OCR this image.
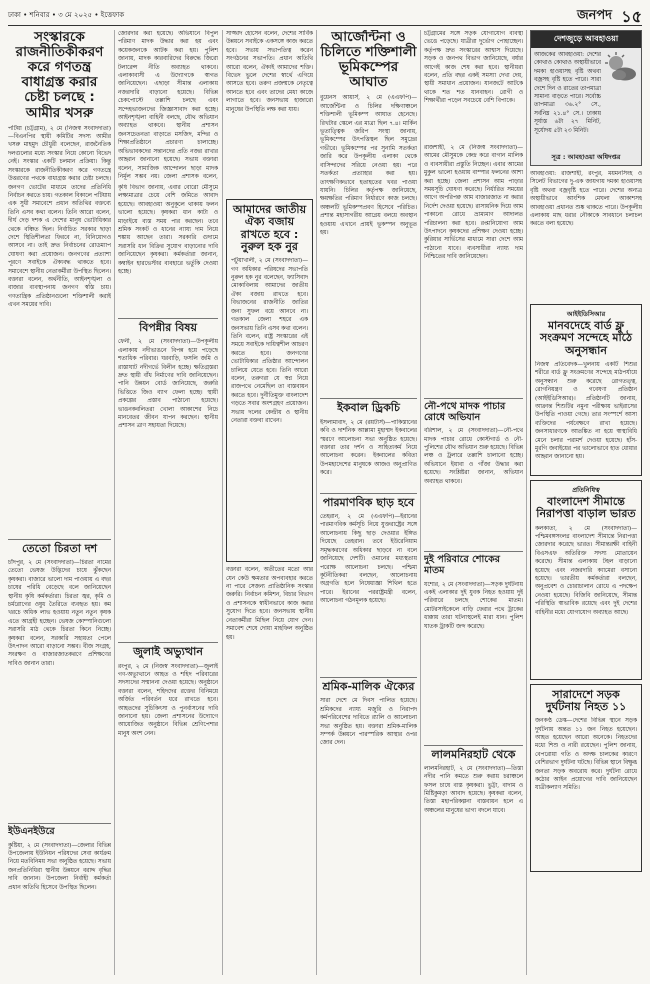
ঢাকা • শনিবার • ৩ মে ২০২৫ • ইত্তেফাক	জনপদ ১৫
সংস্কারকে রাজনীতিকীকরণ করে গণতন্ত্র বাধাগ্রস্ত করার চেষ্টা চলছে : আমীর খসরু
পটিয়া (চট্টগ্রাম), ২ মে (নিজস্ব সংবাদদাতা)—বিএনপির স্থায়ী কমিটির সদস্য আমীর খসরু মাহমুদ চৌধুরী বলেছেন, রাজনৈতিক দলগুলোর মধ্যে সংস্কার নিয়ে কোনো বিভেদ নেই। সংস্কার একটি চলমান প্রক্রিয়া। কিন্তু সংস্কারকে রাজনীতিকীকরণ করে গণতন্ত্রে উত্তরণের পথকে বাধাগ্রস্ত করার চেষ্টা চলছে। জনগণ ভোটের মাধ্যমে তাদের প্রতিনিধি নির্বাচন করতে চায়। গতকাল বিকালে পটিয়ায় এক সুধী সমাবেশে প্রধান অতিথির বক্তব্যে তিনি এসব কথা বলেন। তিনি আরো বলেন, দীর্ঘ দেড় দশক এ দেশের মানুষ ভোটাধিকার থেকে বঞ্চিত ছিল। নির্বাচিত সরকার ছাড়া দেশে স্থিতিশীলতা ফিরবে না, বিনিয়োগও আসবে না। তাই দ্রুত নির্বাচনের রোডম্যাপ ঘোষণা করা প্রয়োজন। জনগণের প্রত্যাশা পূরণে সবাইকে ঐক্যবদ্ধ থাকতে হবে। সমাবেশে স্থানীয় নেতাকর্মীরা উপস্থিত ছিলেন। বক্তারা বলেন, অর্থনীতি, আইনশৃঙ্খলা ও বাজার ব্যবস্থাপনায় জনগণ স্বস্তি চায়। গণতান্ত্রিক প্রতিষ্ঠানগুলো শক্তিশালী করাই এখন সময়ের দাবি।
তেতো চিরতা দশ
চাঁদপুর, ২ মে (সংবাদদাতা)—চিরতা নামের তেতো ভেষজ উদ্ভিদের চাষে ঝুঁকছেন কৃষকরা। বাজারে ভালো দাম পাওয়ায় এ বছর চাষের পরিধি বেড়েছে বলে জানিয়েছেন স্থানীয় কৃষি কর্মকর্তারা। চিরতা জ্বর, কৃমি ও চর্মরোগের ওষুধ তৈরিতে ব্যবহৃত হয়। কম খরচে অধিক লাভ হওয়ায় নতুন নতুন কৃষক এতে আগ্রহী হচ্ছেন। ভেষজ কোম্পানিগুলো সরাসরি মাঠ থেকে চিরতা কিনে নিচ্ছে। কৃষকরা বলেন, সরকারি সহায়তা পেলে উৎপাদন আরো বাড়ানো সম্ভব। বীজ সংগ্রহ, সংরক্ষণ ও বাজারজাতকরণে প্রশিক্ষণের দাবিও জানান তারা।
ইউএনইউরে
কুষ্টিয়া, ২ মে (সংবাদদাতা)—জেলার বিভিন্ন উপজেলায় ইউনিয়ন পরিষদের সেবা কার্যক্রম নিয়ে মতবিনিময় সভা অনুষ্ঠিত হয়েছে। সভায় জনপ্রতিনিধিরা স্থানীয় উন্নয়নে বরাদ্দ বৃদ্ধির দাবি জানান। উপজেলা নির্বাহী কর্মকর্তা প্রধান অতিথি হিসেবে উপস্থিত ছিলেন।
জোরদার করা হয়েছে। অভিযানে বিপুল পরিমাণ মাদক উদ্ধার করা হয় এবং কয়েকজনকে আটক করা হয়। পুলিশ জানায়, মাদক কারবারিদের বিরুদ্ধে জিরো টলারেন্স নীতি অব্যাহত থাকবে। এলাকাবাসী এ উদ্যোগকে স্বাগত জানিয়েছেন। এছাড়া সীমান্ত এলাকায় নজরদারি বাড়ানো হয়েছে। বিভিন্ন চেকপোস্টে তল্লাশি চলছে এবং সন্দেহভাজনদের জিজ্ঞাসাবাদ করা হচ্ছে। আইনশৃঙ্খলা বাহিনী বলছে, যৌথ অভিযান অব্যাহত থাকবে। স্থানীয় প্রশাসন জনসচেতনতা বাড়াতে মসজিদ, মন্দির ও শিক্ষাপ্রতিষ্ঠানে প্রচারণা চালাচ্ছে। অভিভাবকদের সন্তানদের প্রতি নজর রাখার আহ্বান জানানো হয়েছে। সভায় বক্তারা বলেন, সামাজিক আন্দোলন ছাড়া মাদক নির্মূল সম্ভব নয়। জেলা প্রশাসক বলেন,
কৃষি বিভাগ জানায়, এবার বোরো মৌসুমে লক্ষ্যমাত্রার চেয়ে বেশি জমিতে আবাদ হয়েছে। আবহাওয়া অনুকূলে থাকায় ফলন ভালো হয়েছে। কৃষকরা ধান কাটা ও মাড়াইয়ে ব্যস্ত সময় পার করছেন। তবে শ্রমিক সংকট ও ধানের ন্যায্য দাম নিয়ে শঙ্কায় আছেন তারা। সরকারি গুদামে সরাসরি ধান বিক্রির সুযোগ বাড়ানোর দাবি জানিয়েছেন কৃষকরা। কর্মকর্তারা জানান, কম্বাইন হারভেস্টার ব্যবহারে ভর্তুকি দেওয়া হচ্ছে।
বিপন্নীর বিষয়
ফেনী, ২ মে (সংবাদদাতা)—উপকূলীয় এলাকায় নদীভাঙনে বিপন্ন হয়ে পড়েছে শতাধিক পরিবার। ঘরবাড়ি, ফসলি জমি ও রাস্তাঘাট নদীগর্ভে বিলীন হচ্ছে। ক্ষতিগ্রস্তরা দ্রুত স্থায়ী বাঁধ নির্মাণের দাবি জানিয়েছেন। পানি উন্নয়ন বোর্ড জানিয়েছে, জরুরি ভিত্তিতে জিও ব্যাগ ফেলা হচ্ছে। স্থায়ী প্রকল্পের প্রস্তাব পাঠানো হয়েছে। ভাঙনকবলিতরা খোলা আকাশের নিচে মানবেতর জীবন যাপন করছেন। স্থানীয় প্রশাসন ত্রাণ সহায়তা দিয়েছে।
জুলাই অভ্যুত্থান
রংপুর, ২ মে (নিজস্ব সংবাদদাতা)—জুলাই গণ-অভ্যুত্থানে আহত ও শহিদ পরিবারের সদস্যদের সম্মাননা দেওয়া হয়েছে। অনুষ্ঠানে বক্তারা বলেন, শহিদদের রক্তের বিনিময়ে অর্জিত পরিবর্তন ধরে রাখতে হবে। আহতদের সুচিকিৎসা ও পুনর্বাসনের দাবি জানানো হয়। জেলা প্রশাসনের উদ্যোগে আয়োজিত অনুষ্ঠানে বিভিন্ন শ্রেণিপেশার মানুষ অংশ নেন।
সাজ্জাদ হোসেন বলেন, দেশের সার্বিক উন্নয়নে সবাইকে একসঙ্গে কাজ করতে হবে। সভায় সভাপতিত্ব করেন সংগঠনের সভাপতি। প্রধান অতিথি আরো বলেন, ঐক্যই আমাদের শক্তি। বিভেদ ভুলে দেশের স্বার্থে এগিয়ে আসতে হবে। তরুণ প্রজন্মকে নেতৃত্বে আনতে হবে এবং তাদের মেধা কাজে লাগাতে হবে। জনসভায় হাজারো মানুষের উপস্থিতি লক্ষ করা যায়।
আমাদের জাতীয় ঐক্য বজায় রাখতে হবে : নুরুল হক নুর
পটুয়াখালী, ২ মে (সংবাদদাতা)—গণ অধিকার পরিষদের সভাপতি নুরুল হক নুর বলেছেন, ফ্যাসিবাদ মোকাবিলায় আমাদের জাতীয় ঐক্য বজায় রাখতে হবে। বিভাজনের রাজনীতি জাতির জন্য সুফল বয়ে আনবে না। গতকাল জেলা শহরে এক জনসভায় তিনি এসব কথা বলেন। তিনি বলেন, রাষ্ট্র সংস্কারের এই সময়ে সবাইকে দায়িত্বশীল আচরণ করতে হবে। জনগণের ভোটাধিকার প্রতিষ্ঠার আন্দোলন চালিয়ে যেতে হবে। তিনি আরো বলেন, তরুণরা যে স্বপ্ন নিয়ে রাজপথে নেমেছিল তা বাস্তবায়ন করতে হবে। দুর্নীতিমুক্ত বাংলাদেশ গড়তে সবার অংশগ্রহণ প্রয়োজন। সভায় দলের কেন্দ্রীয় ও স্থানীয় নেতারা বক্তব্য রাখেন।
বক্তারা বলেন, অতীতের মতো আর যেন কেউ ক্ষমতার অপব্যবহার করতে না পারে সেজন্য প্রাতিষ্ঠানিক সংস্কার জরুরি। নির্বাচন কমিশন, বিচার বিভাগ ও প্রশাসনকে স্বাধীনভাবে কাজ করার সুযোগ দিতে হবে। জনসভায় স্থানীয় নেতাকর্মীরা মিছিল নিয়ে যোগ দেন। সমাবেশ শেষে দোয়া মাহফিল অনুষ্ঠিত হয়।
আর্জেন্টিনা ও চিলিতে শক্তিশালী ভূমিকম্পের আঘাত
বুয়েনস আয়ার্স, ২ মে (এএফপি)—আর্জেন্টিনা ও চিলির দক্ষিণাঞ্চলে শক্তিশালী ভূমিকম্প আঘাত হেনেছে। রিখটার স্কেলে এর মাত্রা ছিল ৭.৪। মার্কিন ভূতাত্ত্বিক জরিপ সংস্থা জানায়, ভূমিকম্পের উৎপত্তিস্থল ছিল সমুদ্রের গভীরে। ভূমিকম্পের পর সুনামি সতর্কতা জারি করে উপকূলীয় এলাকা থেকে বাসিন্দাদের সরিয়ে নেওয়া হয়। পরে সতর্কতা প্রত্যাহার করা হয়। তাৎক্ষণিকভাবে হতাহতের খবর পাওয়া যায়নি। চিলির কর্তৃপক্ষ জানিয়েছে, ক্ষয়ক্ষতির পরিমাণ নির্ধারণে কাজ চলছে। অঞ্চলটি ভূমিকম্পপ্রবণ হিসেবে পরিচিত। প্রশান্ত মহাসাগরীয় আগ্নেয় বলয়ে অবস্থান হওয়ায় এখানে প্রায়ই ভূকম্পন অনুভূত হয়।
ইকবাল ড্রিকচি
ইসলামাবাদ, ২ মে (রয়টার্স)—পাকিস্তানের কবি ও দার্শনিক আল্লামা মুহাম্মদ ইকবালের স্মরণে আলোচনা সভা অনুষ্ঠিত হয়েছে। বক্তারা তার দর্শন ও সাহিত্যকর্ম নিয়ে আলোচনা করেন। ইকবালের কবিতা উপমহাদেশের মানুষকে আজও অনুপ্রাণিত করে।
পারমাণবিক ছাড় হবে
তেহরান, ২ মে (এএফপি)—ইরানের পারমাণবিক কর্মসূচি নিয়ে যুক্তরাষ্ট্রের সঙ্গে আলোচনায় কিছু ছাড় দেওয়ার ইঙ্গিত দিয়েছে তেহরান। তবে ইউরেনিয়াম সমৃদ্ধকরণের অধিকার ছাড়বে না বলে জানিয়েছে দেশটি। ওমানের মধ্যস্থতায় পরোক্ষ আলোচনা চলছে। পশ্চিমা কূটনীতিকরা বলছেন, আলোচনায় অগ্রগতি হলে নিষেধাজ্ঞা শিথিল হতে পারে। ইরানের পররাষ্ট্রমন্ত্রী বলেন, আলোচনা গঠনমূলক হয়েছে।
শ্রমিক-মালিক ঐক্যের
সারা দেশে মে দিবস পালিত হয়েছে। শ্রমিকদের ন্যায্য মজুরি ও নিরাপদ কর্মপরিবেশের দাবিতে র‍্যালি ও আলোচনা সভা অনুষ্ঠিত হয়। বক্তারা শ্রমিক-মালিক সম্পর্ক উন্নয়নে পারস্পরিক আস্থার ওপর জোর দেন।
চট্টগ্রামের সঙ্গে সড়ক যোগাযোগ ব্যবস্থা ভেঙে পড়েছে। যাত্রীরা দুর্ভোগ পোহাচ্ছেন। কর্তৃপক্ষ দ্রুত সংস্কারের আশ্বাস দিয়েছে। সড়ক ও জনপথ বিভাগ জানিয়েছে, বর্ষার আগেই কাজ শেষ করা হবে। স্থানীয়রা বলেন, প্রতি বছর একই সমস্যা দেখা দেয়, স্থায়ী সমাধান প্রয়োজন। যানজটে আটকে থাকে শত শত যানবাহন। রোগী ও শিক্ষার্থীরা পড়েন সবচেয়ে বেশি বিপাকে।
রাজশাহী, ২ মে (নিজস্ব সংবাদদাতা)—আমের মৌসুমকে কেন্দ্র করে বাগান মালিক ও ব্যবসায়ীরা প্রস্তুতি নিচ্ছেন। এবার আমের মুকুল ভালো হওয়ায় বাম্পার ফলনের আশা করা হচ্ছে। জেলা প্রশাসন আম পাড়ার সময়সূচি ঘোষণা করেছে। নির্ধারিত সময়ের আগে অপরিপক্ব আম বাজারজাত না করার নির্দেশ দেওয়া হয়েছে। রাসায়নিক দিয়ে আম পাকানো রোধে ভ্রাম্যমাণ আদালত পরিচালনা করা হবে। রপ্তানিযোগ্য আম উৎপাদনে কৃষকদের প্রশিক্ষণ দেওয়া হচ্ছে। কুরিয়ার সার্ভিসের মাধ্যমে সারা দেশে আম পাঠানো যাবে। ব্যবসায়ীরা ন্যায্য দাম নিশ্চিতের দাবি জানিয়েছেন।
নৌ-পথে মাদক পাচার রোধে অভিযান
বরিশাল, ২ মে (সংবাদদাতা)—নৌ-পথে মাদক পাচার রোধে কোস্টগার্ড ও নৌ-পুলিশের যৌথ অভিযান শুরু হয়েছে। বিভিন্ন লঞ্চ ও ট্রলারে তল্লাশি চালানো হচ্ছে। অভিযানে ইয়াবা ও গাঁজা উদ্ধার করা হয়েছে। সংশ্লিষ্টরা জানান, অভিযান অব্যাহত থাকবে।
দুই পরিবারে শোকের মাতম
যশোর, ২ মে (সংবাদদাতা)—সড়ক দুর্ঘটনায় একই এলাকার দুই যুবক নিহত হওয়ায় দুই পরিবারে চলছে শোকের মাতম। মোটরসাইকেলে বাড়ি ফেরার পথে ট্রাকের ধাক্কায় তারা ঘটনাস্থলেই মারা যান। পুলিশ ঘাতক ট্রাকটি জব্দ করেছে।
লালমনিরহাট থেকে
লালমনিরহাট, ২ মে (সংবাদদাতা)—তিস্তা নদীর পানি কমতে শুরু করায় চরাঞ্চলে ফসল চাষে ব্যস্ত কৃষকরা। ভুট্টা, বাদাম ও মিষ্টিকুমড়া আবাদ হয়েছে। কৃষকরা বলেন, তিস্তা মহাপরিকল্পনা বাস্তবায়ন হলে এ অঞ্চলের মানুষের ভাগ্য বদলে যাবে।
দেশজুড়ে আবহাওয়া
আজকের আবহাওয়া: দেশের কোথাও কোথাও অস্থায়ীভাবে দমকা হাওয়াসহ বৃষ্টি অথবা বজ্রসহ বৃষ্টি হতে পারে। সারা দেশে দিন ও রাতের তাপমাত্রা সামান্য বাড়তে পারে। সর্বোচ্চ তাপমাত্রা ৩৬.২° সে., সর্বনিম্ন ২১.৪° সে.। ঢাকায় সূর্যাস্ত ৬টা ২৭ মিনিট, সূর্যোদয় ৫টা ২৩ মিনিট।
সূত্র : আবহাওয়া অধিদপ্তর
আবহাওয়া: রাজশাহী, রংপুর, ময়মনসিংহ ও সিলেট বিভাগের দু-এক জায়গায় দমকা হাওয়াসহ বৃষ্টি অথবা বজ্রবৃষ্টি হতে পারে। দেশের অন্যত্র অস্থায়ীভাবে আংশিক মেঘলা আকাশসহ আবহাওয়া প্রধানত শুষ্ক থাকতে পারে। উপকূলীয় এলাকায় মাছ ধরার নৌকাকে সাবধানে চলাচল করতে বলা হয়েছে।
আইইডিসিআর
মানবদেহে বার্ড ফ্লু সংক্রমণ সন্দেহে মাঠে অনুসন্ধান
নিজস্ব প্রতিবেদক—খুলনায় একটি শিশুর শরীরে বার্ড ফ্লু সংক্রমণের সন্দেহে মাঠপর্যায়ে অনুসন্ধান শুরু করেছে রোগতত্ত্ব, রোগনিয়ন্ত্রণ ও গবেষণা প্রতিষ্ঠান (আইইডিসিআর)। প্রতিষ্ঠানটি জানায়, আক্রান্ত শিশুটির নমুনা পরীক্ষায় ভাইরাসের উপস্থিতি পাওয়া গেছে। তার সংস্পর্শে আসা ব্যক্তিদের পর্যবেক্ষণে রাখা হয়েছে। জনসাধারণকে আতঙ্কিত না হয়ে স্বাস্থ্যবিধি মেনে চলার পরামর্শ দেওয়া হয়েছে। হাঁস-মুরগি জবাইয়ের পর ভালোভাবে হাত ধোয়ার আহ্বান জানানো হয়।
প্রতিনিধিত্ব
বাংলাদেশ সীমান্তে নিরাপত্তা বাড়াল ভারত
কলকাতা, ২ মে (সংবাদদাতা)—পশ্চিমবঙ্গসংলগ্ন বাংলাদেশ সীমান্তে নিরাপত্তা জোরদার করেছে ভারত। সীমান্তরক্ষী বাহিনী বিএসএফ অতিরিক্ত সদস্য মোতায়েন করেছে। সীমান্ত এলাকায় টহল বাড়ানো হয়েছে এবং নজরদারি ক্যামেরা বসানো হয়েছে। ভারতীয় কর্মকর্তারা বলছেন, অনুপ্রবেশ ও চোরাচালান রোধে এ পদক্ষেপ নেওয়া হয়েছে। বিজিবি জানিয়েছে, সীমান্ত পরিস্থিতি স্বাভাবিক রয়েছে এবং দুই দেশের বাহিনীর মধ্যে যোগাযোগ অব্যাহত আছে।
সারাদেশে সড়ক দুর্ঘটনায় নিহত ১১
জনকণ্ঠ ডেস্ক—দেশের বিভিন্ন স্থানে সড়ক দুর্ঘটনায় অন্তত ১১ জন নিহত হয়েছেন। আহত হয়েছেন আরো অনেকে। নিহতদের মধ্যে শিশু ও নারী রয়েছেন। পুলিশ জানায়, বেপরোয়া গতি ও অদক্ষ চালকের কারণে বেশিরভাগ দুর্ঘটনা ঘটছে। বিভিন্ন স্থানে বিক্ষুব্ধ জনতা সড়ক অবরোধ করে। দুর্ঘটনা রোধে কঠোর আইন প্রয়োগের দাবি জানিয়েছেন যাত্রীকল্যাণ সমিতি।
